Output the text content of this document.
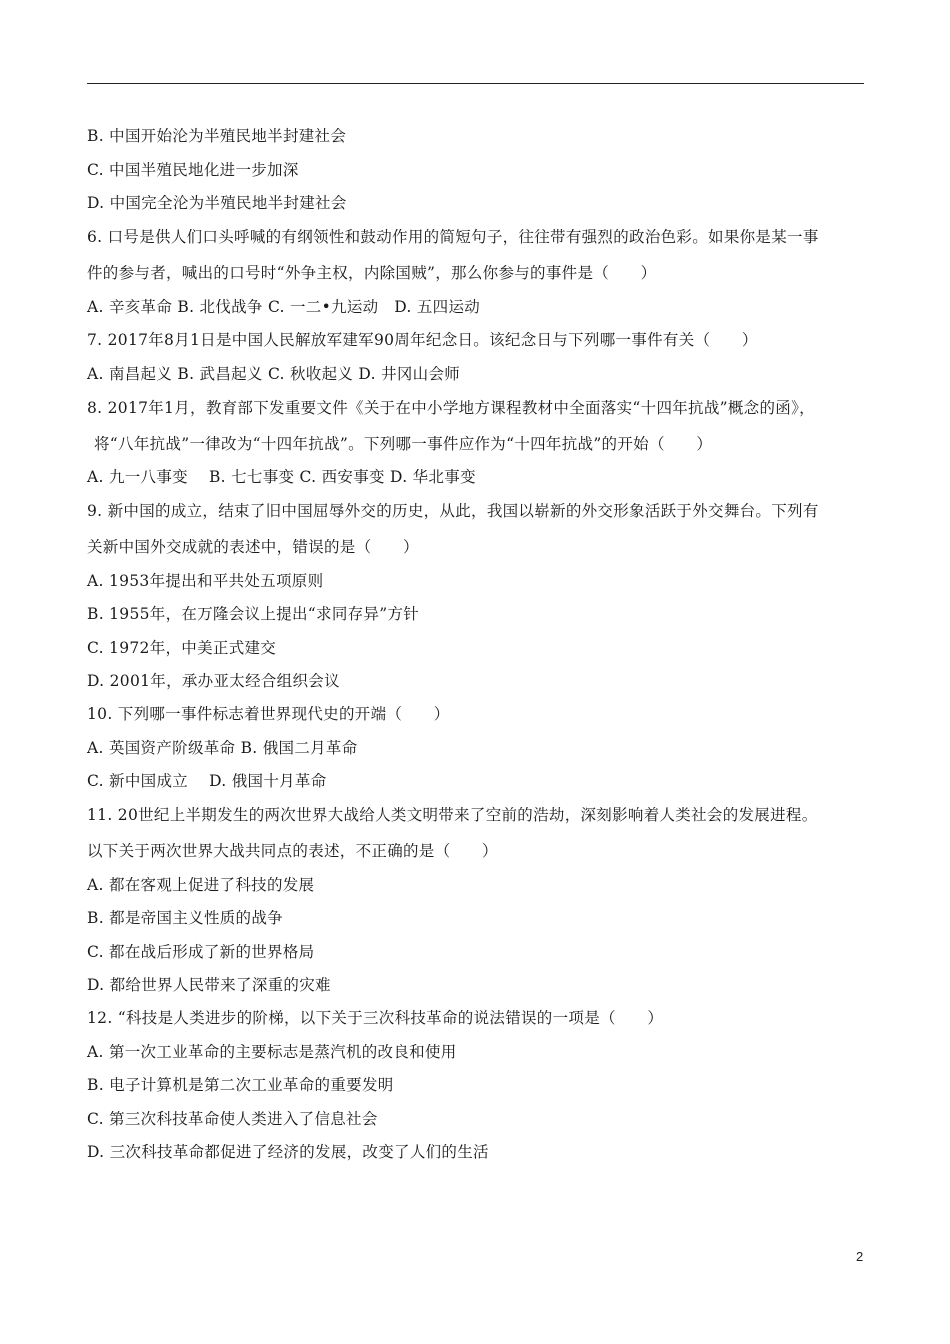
B. 中国开始沦为半殖民地半封建社会
C. 中国半殖民地化进一步加深
D. 中国完全沦为半殖民地半封建社会
6. 口号是供人们口头呼喊的有纲领性和鼓动作用的简短句子，往往带有强烈的政治色彩。如果你是某一事
件的参与者，喊出的口号时“外争主权，内除国贼”，那么你参与的事件是（　　）
A. 辛亥革命 B. 北伐战争 C. 一二•九运动　D. 五四运动
7. 2017年8月1日是中国人民解放军建军90周年纪念日。该纪念日与下列哪一事件有关（　　）
A. 南昌起义 B. 武昌起义 C. 秋收起义 D. 井冈山会师
8. 2017年1月，教育部下发重要文件《关于在中小学地方课程教材中全面落实“十四年抗战”概念的函》，
将“八年抗战”一律改为“十四年抗战”。下列哪一事件应作为“十四年抗战”的开始（　　）
A. 九一八事变　 B. 七七事变 C. 西安事变 D. 华北事变
9. 新中国的成立，结束了旧中国屈辱外交的历史，从此，我国以崭新的外交形象活跃于外交舞台。下列有
关新中国外交成就的表述中，错误的是（　　）
A. 1953年提出和平共处五项原则
B. 1955年，在万隆会议上提出“求同存异”方针
C. 1972年，中美正式建交
D. 2001年，承办亚太经合组织会议
10. 下列哪一事件标志着世界现代史的开端（　　）
A. 英国资产阶级革命 B. 俄国二月革命
C. 新中国成立　 D. 俄国十月革命
11. 20世纪上半期发生的两次世界大战给人类文明带来了空前的浩劫，深刻影响着人类社会的发展进程。
以下关于两次世界大战共同点的表述，不正确的是（　　）
A. 都在客观上促进了科技的发展
B. 都是帝国主义性质的战争
C. 都在战后形成了新的世界格局
D. 都给世界人民带来了深重的灾难
12. “科技是人类进步的阶梯，以下关于三次科技革命的说法错误的一项是（　　）
A. 第一次工业革命的主要标志是蒸汽机的改良和使用
B. 电子计算机是第二次工业革命的重要发明
C. 第三次科技革命使人类进入了信息社会
D. 三次科技革命都促进了经济的发展，改变了人们的生活
2
